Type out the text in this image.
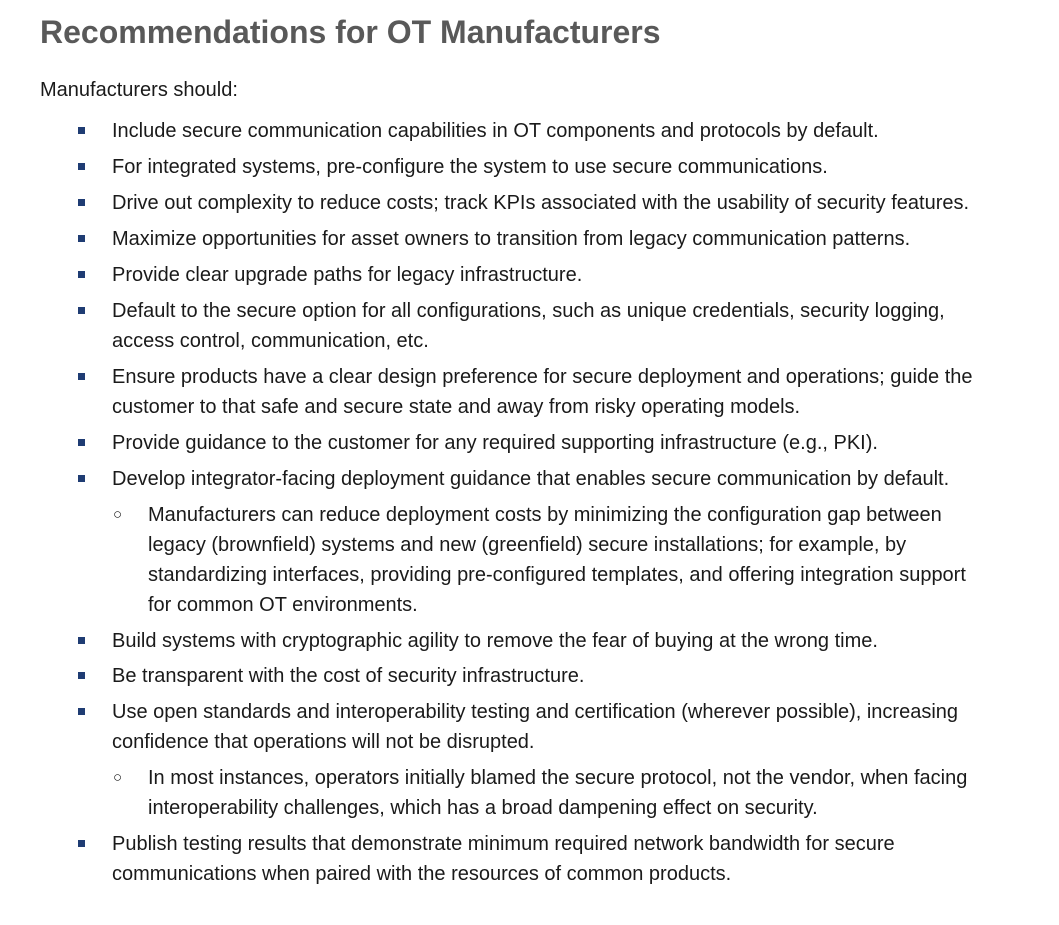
Recommendations for OT Manufacturers

Manufacturers should:

Include secure communication capabilities in OT components and protocols by default.

For integrated systems, pre-configure the system to use secure communications.

Drive out complexity to reduce costs; track KPIs associated with the usability of security features.

Maximize opportunities for asset owners to transition from legacy communication patterns.

Provide clear upgrade paths for legacy infrastructure.

Default to the secure option for all configurations, such as unique credentials, security logging,
access control, communication, etc.

Ensure products have a clear design preference for secure deployment and operations; guide the
customer to that safe and secure state and away from risky operating models.

Provide guidance to the customer for any required supporting infrastructure (e.g., PKI).

Develop integrator-facing deployment guidance that enables secure communication by default.

○ Manufacturers can reduce deployment costs by minimizing the configuration gap between
legacy (brownfield) systems and new (greenfield) secure installations; for example, by
standardizing interfaces, providing pre-configured templates, and offering integration support
for common OT environments.

Build systems with cryptographic agility to remove the fear of buying at the wrong time.

Be transparent with the cost of security infrastructure.

Use open standards and interoperability testing and certification (wherever possible), increasing
confidence that operations will not be disrupted.

○ In most instances, operators initially blamed the secure protocol, not the vendor, when facing
interoperability challenges, which has a broad dampening effect on security.

Publish testing results that demonstrate minimum required network bandwidth for secure
communications when paired with the resources of common products.
